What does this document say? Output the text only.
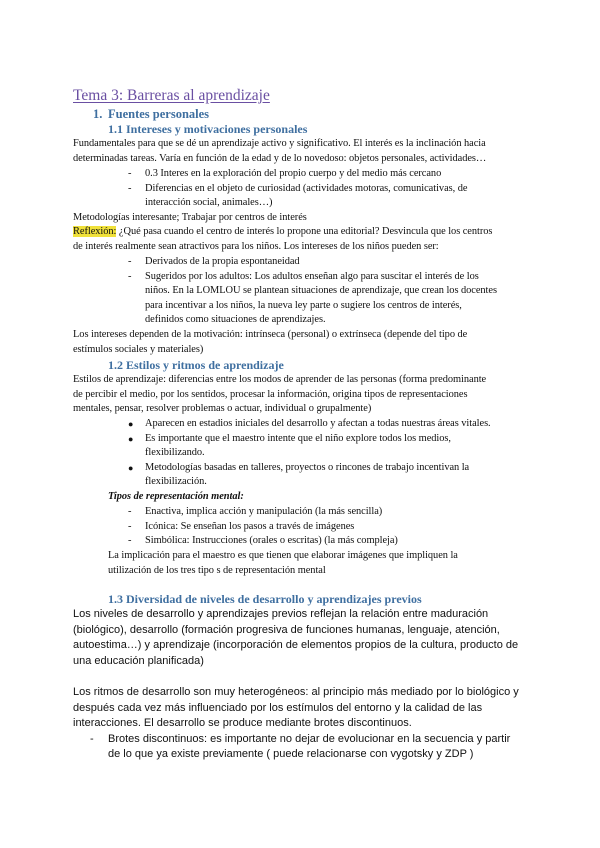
Tema 3: Barreras al aprendizaje
1. Fuentes personales
1.1 Intereses y motivaciones personales
Fundamentales para que se dé un aprendizaje activo y significativo. El interés es la inclinación hacia
determinadas tareas. Varía en función de la edad y de lo novedoso: objetos personales, actividades…
- 0.3 Interes en la exploración del propio cuerpo y del medio más cercano
- Diferencias en el objeto de curiosidad (actividades motoras, comunicativas, de
interacción social, animales…)
Metodologías interesante; Trabajar por centros de interés
Reflexión: ¿Qué pasa cuando el centro de interés lo propone una editorial? Desvincula que los centros
de interés realmente sean atractivos para los niños. Los intereses de los niños pueden ser:
- Derivados de la propia espontaneidad
- Sugeridos por los adultos: Los adultos enseñan algo para suscitar el interés de los
niños. En la LOMLOU se plantean situaciones de aprendizaje, que crean los docentes
para incentivar a los niños, la nueva ley parte o sugiere los centros de interés,
definidos como situaciones de aprendizajes.
Los intereses dependen de la motivación: intrínseca (personal) o extrínseca (depende del tipo de
estímulos sociales y materiales)
1.2 Estilos y ritmos de aprendizaje
Estilos de aprendizaje: diferencias entre los modos de aprender de las personas (forma predominante
de percibir el medio, por los sentidos, procesar la información, origina tipos de representaciones
mentales, pensar, resolver problemas o actuar, individual o grupalmente)
● Aparecen en estadios iniciales del desarrollo y afectan a todas nuestras áreas vitales.
● Es importante que el maestro intente que el niño explore todos los medios,
flexibilizando.
● Metodologías basadas en talleres, proyectos o rincones de trabajo incentivan la
flexibilización.
Tipos de representación mental:
- Enactiva, implica acción y manipulación (la más sencilla)
- Icónica: Se enseñan los pasos a través de imágenes
- Simbólica: Instrucciones (orales o escritas) (la más compleja)
La implicación para el maestro es que tienen que elaborar imágenes que impliquen la
utilización de los tres tipo s de representación mental
1.3 Diversidad de niveles de desarrollo y aprendizajes previos
Los niveles de desarrollo y aprendizajes previos reflejan la relación entre maduración
(biológico), desarrollo (formación progresiva de funciones humanas, lenguaje, atención,
autoestima…) y aprendizaje (incorporación de elementos propios de la cultura, producto de
una educación planificada)
Los ritmos de desarrollo son muy heterogéneos: al principio más mediado por lo biológico y
después cada vez más influenciado por los estímulos del entorno y la calidad de las
interacciones. El desarrollo se produce mediante brotes discontinuos.
- Brotes discontinuos: es importante no dejar de evolucionar en la secuencia y partir
de lo que ya existe previamente ( puede relacionarse con vygotsky y ZDP )
